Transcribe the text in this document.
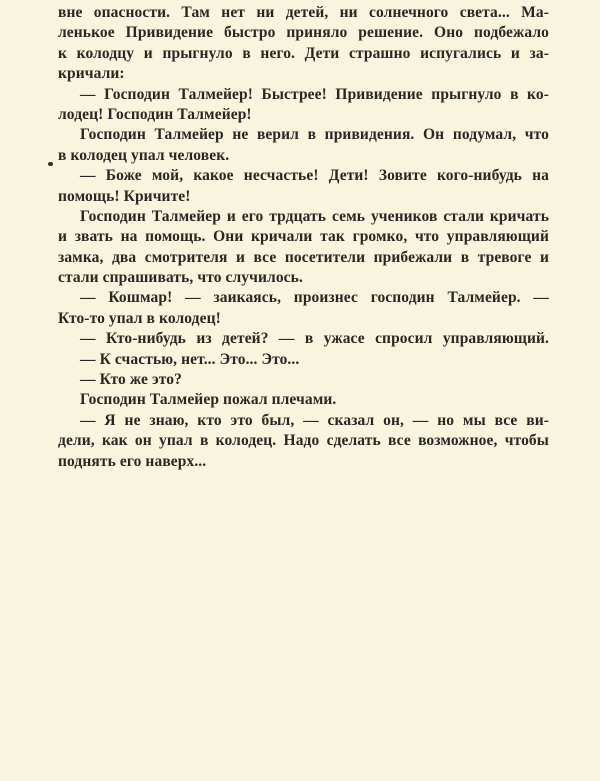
вне опасности. Там нет ни детей, ни солнечного света... Ма-
ленькое Привидение быстро приняло решение. Оно подбежало
к колодцу и прыгнуло в него. Дети страшно испугались и за-
кричали:
— Господин Талмейер! Быстрее! Привидение прыгнуло в ко-
лодец! Господин Талмейер!
Господин Талмейер не верил в привидения. Он подумал, что
в колодец упал человек.
— Боже мой, какое несчастье! Дети! Зовите кого-нибудь на
помощь! Кричите!
Господин Талмейер и его трдцать семь учеников стали кричать
и звать на помощь. Они кричали так громко, что управляющий
замка, два смотрителя и все посетители прибежали в тревоге и
стали спрашивать, что случилось.
— Кошмар! — заикаясь, произнес господин Талмейер. —
Кто-то упал в колодец!
— Кто-нибудь из детей? — в ужасе спросил управляющий.
— К счастью, нет... Это... Это...
— Кто же это?
Господин Талмейер пожал плечами.
— Я не знаю, кто это был, — сказал он, — но мы все ви-
дели, как он упал в колодец. Надо сделать все возможное, чтобы
поднять его наверх...
